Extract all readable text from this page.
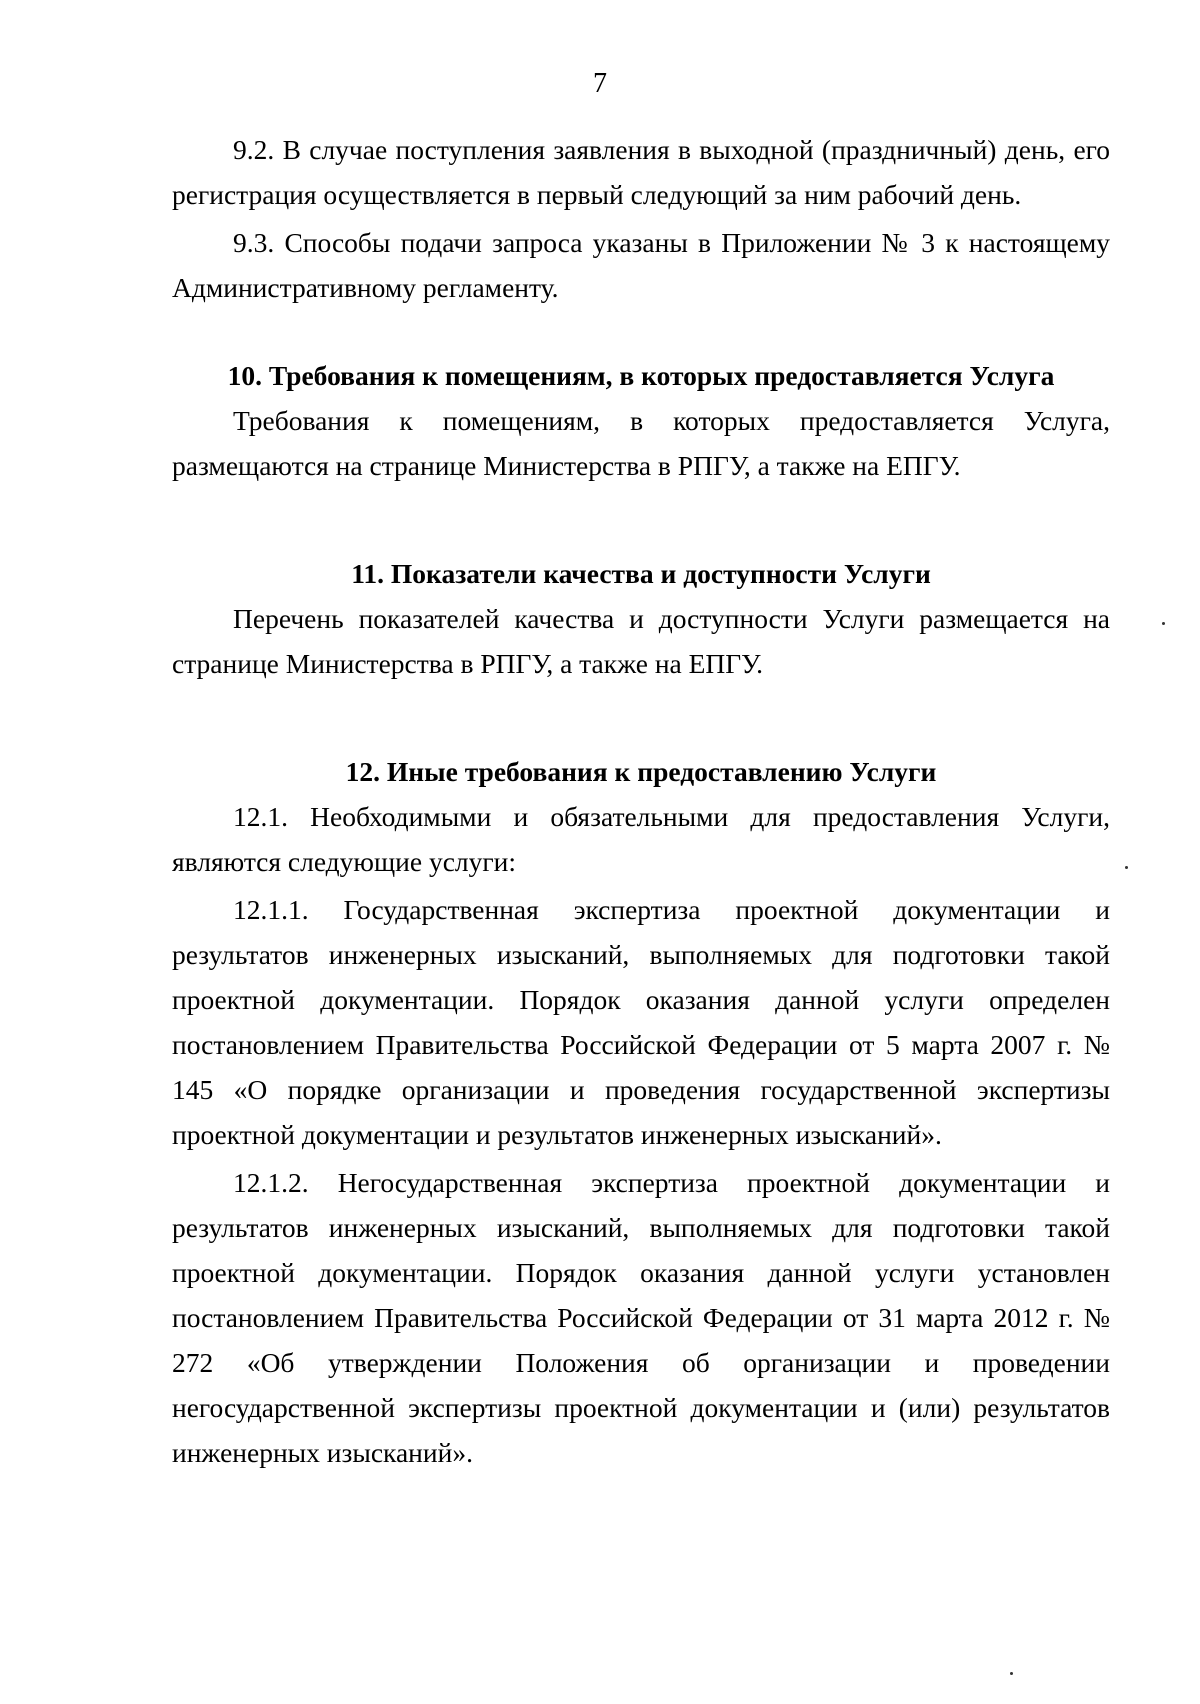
7

9.2. В случае поступления заявления в выходной (праздничный) день, его регистрация осуществляется в первый следующий за ним рабочий день.

9.3. Способы подачи запроса указаны в Приложении № 3 к настоящему Административному регламенту.

10. Требования к помещениям, в которых предоставляется Услуга

Требования к помещениям, в которых предоставляется Услуга, размещаются на странице Министерства в РПГУ, а также на ЕПГУ.

11. Показатели качества и доступности Услуги

Перечень показателей качества и доступности Услуги размещается на странице Министерства в РПГУ, а также на ЕПГУ.

12. Иные требования к предоставлению Услуги

12.1. Необходимыми и обязательными для предоставления Услуги, являются следующие услуги:

12.1.1. Государственная экспертиза проектной документации и результатов инженерных изысканий, выполняемых для подготовки такой проектной документации. Порядок оказания данной услуги определен постановлением Правительства Российской Федерации от 5 марта 2007 г. № 145 «О порядке организации и проведения государственной экспертизы проектной документации и результатов инженерных изысканий».

12.1.2. Негосударственная экспертиза проектной документации и результатов инженерных изысканий, выполняемых для подготовки такой проектной документации. Порядок оказания данной услуги установлен постановлением Правительства Российской Федерации от 31 марта 2012 г. № 272 «Об утверждении Положения об организации и проведении негосударственной экспертизы проектной документации и (или) результатов инженерных изысканий».
